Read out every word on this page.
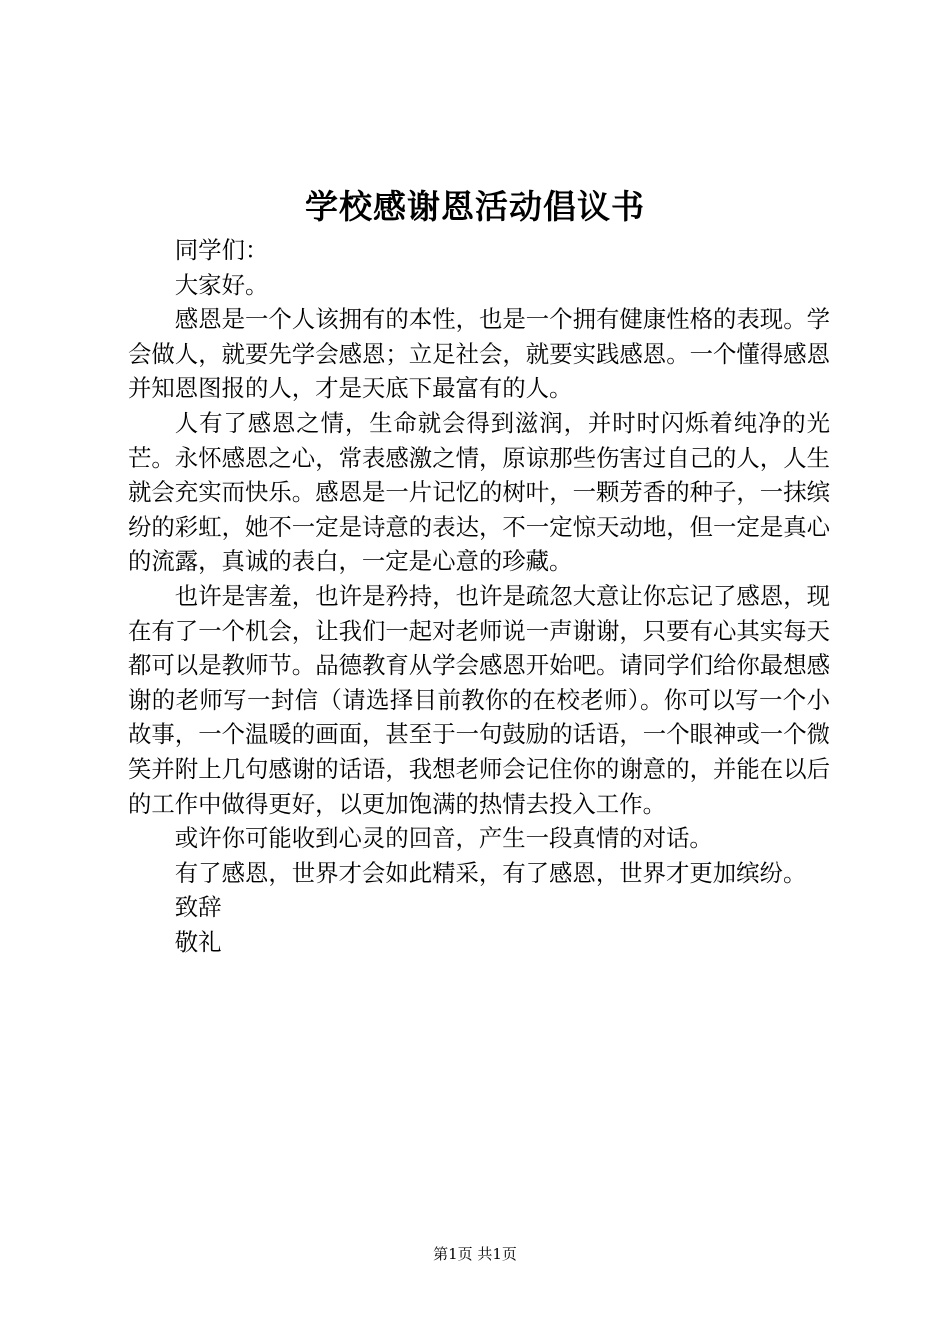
学校感谢恩活动倡议书

同学们：

大家好。

感恩是一个人该拥有的本性，也是一个拥有健康性格的表现。学会做人，就要先学会感恩；立足社会，就要实践感恩。一个懂得感恩并知恩图报的人，才是天底下最富有的人。

人有了感恩之情，生命就会得到滋润，并时时闪烁着纯净的光芒。永怀感恩之心，常表感激之情，原谅那些伤害过自己的人，人生就会充实而快乐。感恩是一片记忆的树叶，一颗芳香的种子，一抹缤纷的彩虹，她不一定是诗意的表达，不一定惊天动地，但一定是真心的流露，真诚的表白，一定是心意的珍藏。

也许是害羞，也许是矜持，也许是疏忽大意让你忘记了感恩，现在有了一个机会，让我们一起对老师说一声谢谢，只要有心其实每天都可以是教师节。品德教育从学会感恩开始吧。请同学们给你最想感谢的老师写一封信（请选择目前教你的在校老师）。你可以写一个小故事，一个温暖的画面，甚至于一句鼓励的话语，一个眼神或一个微笑并附上几句感谢的话语，我想老师会记住你的谢意的，并能在以后的工作中做得更好，以更加饱满的热情去投入工作。

或许你可能收到心灵的回音，产生一段真情的对话。

有了感恩，世界才会如此精采，有了感恩，世界才更加缤纷。

致辞

敬礼

第1页 共1页
